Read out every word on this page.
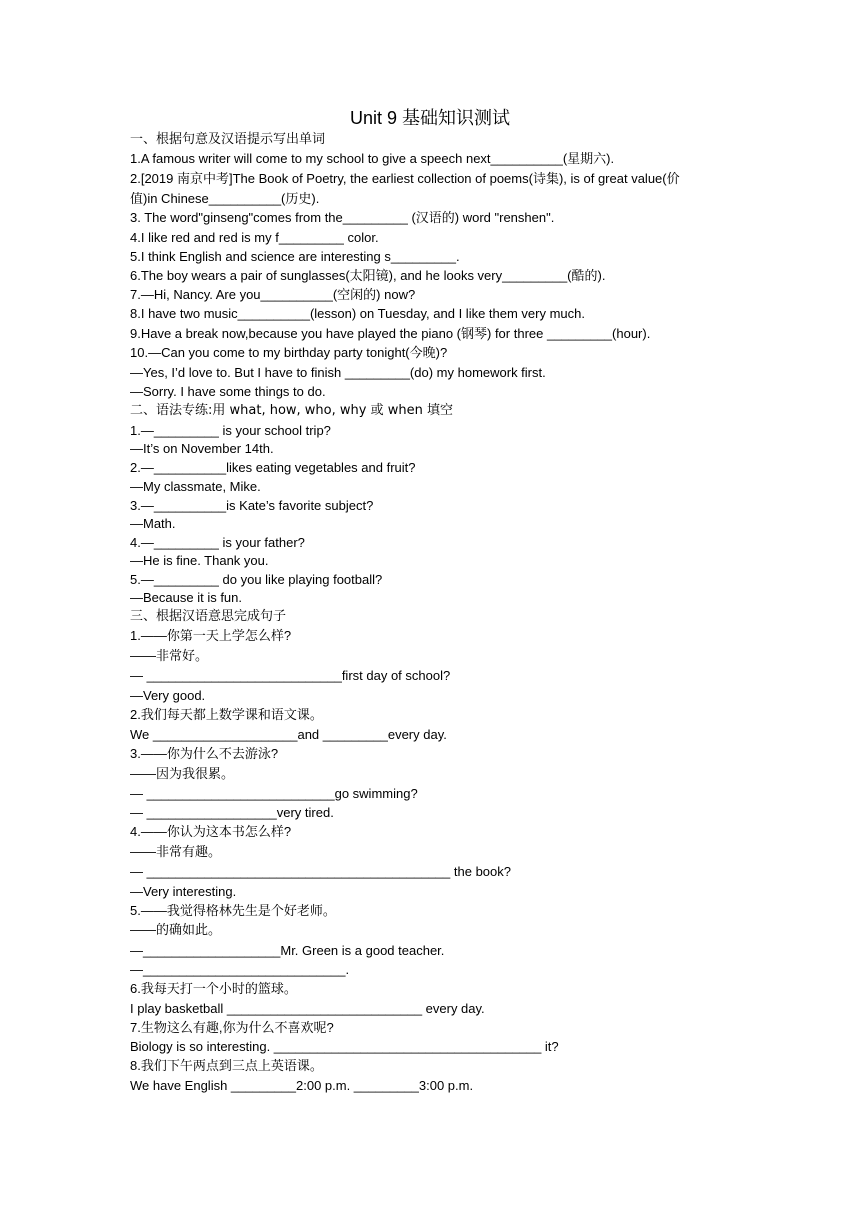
Unit 9 基础知识测试
一、根据句意及汉语提示写出单词
1.A famous writer will come to my school to give a speech next__________(星期六).
2.[2019 南京中考]The Book of Poetry, the earliest collection of poems(诗集), is of great value(价
值)in Chinese__________(历史).
3. The word"ginseng"comes from the_________ (汉语的) word "renshen".
4.I like red and red is my f_________ color.
5.I think English and science are interesting s_________.
6.The boy wears a pair of sunglasses(太阳镜), and he looks very_________(酷的).
7.—Hi, Nancy. Are you__________(空闲的) now?
8.I have two music__________(lesson) on Tuesday, and I like them very much.
9.Have a break now,because you have played the piano (钢琴) for three _________(hour).
10.—Can you come to my birthday party tonight(今晚)?
—Yes, I’d love to. But I have to finish _________(do) my homework first.
—Sorry. I have some things to do.
二、语法专练:用 what, how, who, why 或 when 填空
1.—_________ is your school trip?
—It’s on November 14th.
2.—__________likes eating vegetables and fruit?
—My classmate, Mike.
3.—__________is Kate’s favorite subject?
—Math.
4.—_________ is your father?
—He is fine. Thank you.
5.—_________ do you like playing football?
—Because it is fun.
三、根据汉语意思完成句子
1.——你第一天上学怎么样?
——非常好。
— ___________________________first day of school?
—Very good.
2.我们每天都上数学课和语文课。
We ____________________and _________every day.
3.——你为什么不去游泳?
——因为我很累。
— __________________________go swimming?
— __________________very tired.
4.——你认为这本书怎么样?
——非常有趣。
— __________________________________________ the book?
—Very interesting.
5.——我觉得格林先生是个好老师。
——的确如此。
—___________________Mr. Green is a good teacher.
—____________________________.
6.我每天打一个小时的篮球。
I play basketball ___________________________ every day.
7.生物这么有趣,你为什么不喜欢呢?
Biology is so interesting. _____________________________________ it?
8.我们下午两点到三点上英语课。
We have English _________2:00 p.m. _________3:00 p.m.
